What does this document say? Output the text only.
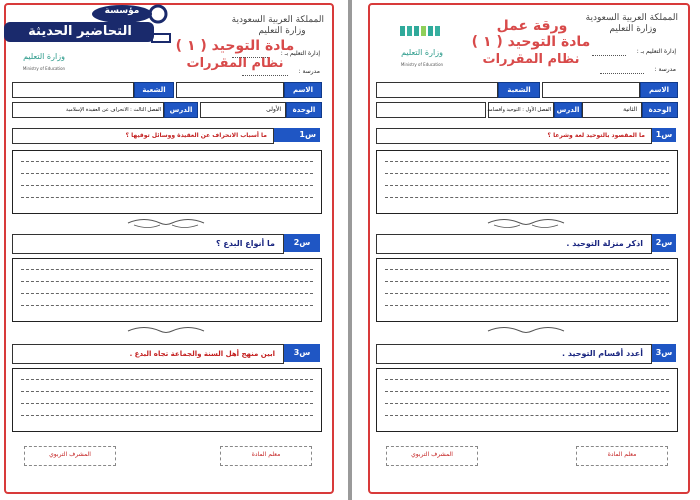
ورقة عمل
مادة التوحيد ( ١ )
نظام المقررات
المملكة العربية السعودية
وزارة التعليم
إدارة التعليم بـ :
مدرسة :
وزارة التعليم
Ministry of Education
الاسم
الشعبة
الثانية	الوحدة
الفصل الأول : التوحيد وأقسامه الدرس
ما المقصود بالتوحيد لغة وشرعا ؟	س1
اذكر منزلة التوحيد .	س2
أعدد أقسام التوحيد .	س3
معلم المادة
المشرف التربوي
مادة التوحيد ( ١ )
نظام المقررات
المملكة العربية السعودية
وزارة التعليم
إدارة التعليم بـ :
مدرسة :
مؤسسة
التحاضير الحديثة
وزارة التعليم
Ministry of Education
الاسم
الشعبة
الأولى	الوحدة
الفصل الثالث : الانحراف عن العقيدة الإسلامية	الدرس
ما أسباب الانحراف عن العقيدة ووسائل توقيها ؟	س1
ما أنواع البدع ؟	س2
ابين منهج أهل السنة والجماعة تجاه البدع .	س3
معلم المادة
المشرف التربوي
